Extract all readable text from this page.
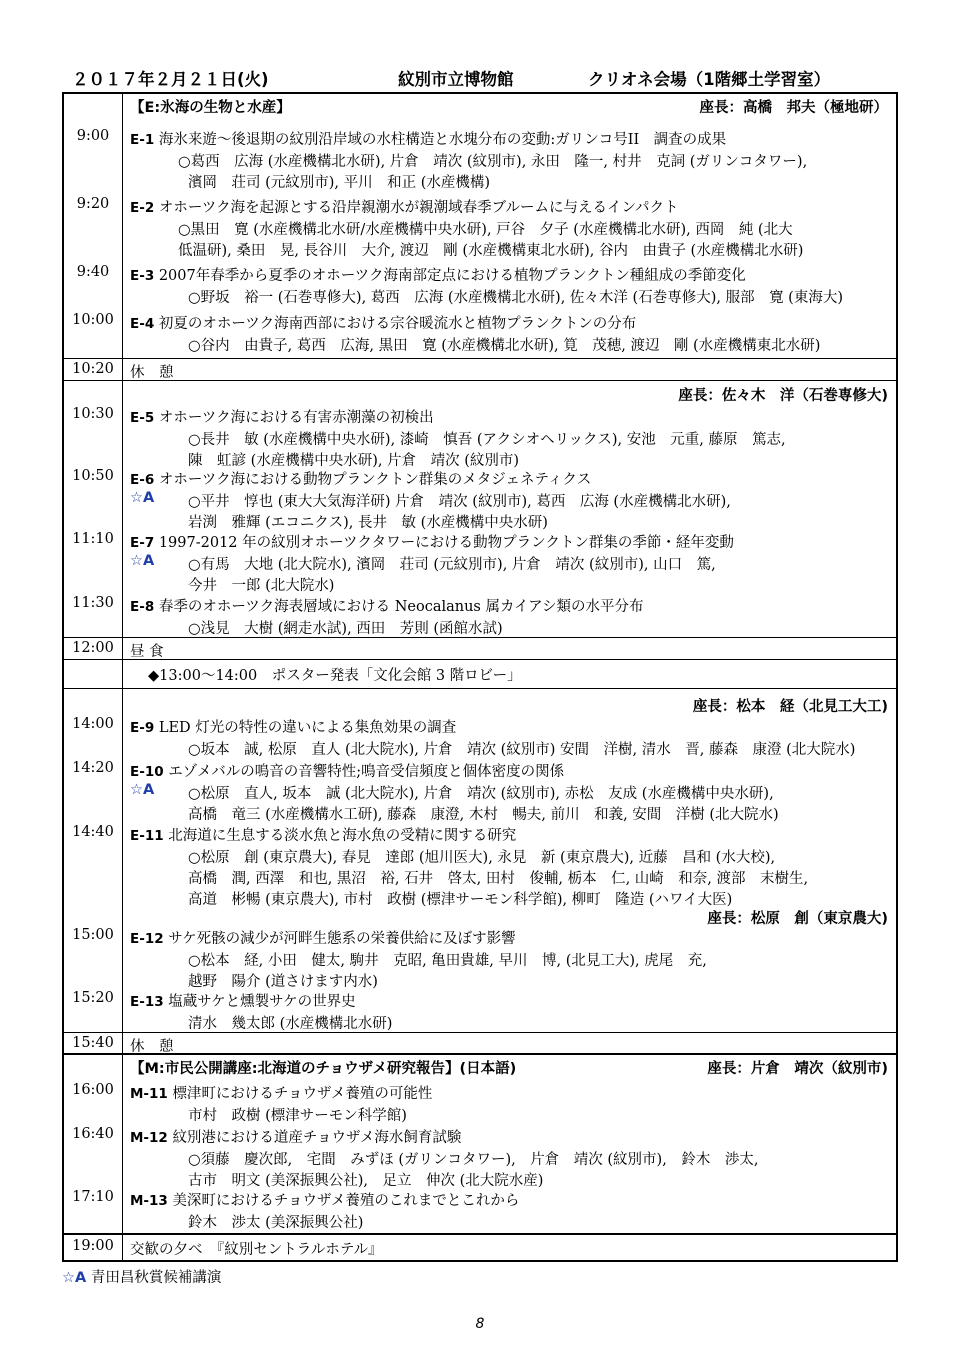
２０１７年２月２１日(火)	紋別市立博物館	クリオネ会場（1階郷土学習室）
【E:氷海の生物と水産】	座長：高橋　邦夫（極地研）
9:00	E-1 海氷来遊～後退期の紋別沿岸域の水柱構造と水塊分布の変動:ガリンコ号II　調査の成果
○葛西　広海 (水産機構北水研), 片倉　靖次 (紋別市), 永田　隆一, 村井　克詞 (ガリンコタワー),
濱岡　荘司 (元紋別市), 平川　和正 (水産機構)
9:20	E-2 オホーツク海を起源とする沿岸親潮水が親潮域春季ブルームに与えるインパクト
○黒田　寛 (水産機構北水研/水産機構中央水研), 戸谷　夕子 (水産機構北水研), 西岡　純 (北大
低温研), 桑田　晃, 長谷川　大介, 渡辺　剛 (水産機構東北水研), 谷内　由貴子 (水産機構北水研)
9:40	E-3 2007年春季から夏季のオホーツク海南部定点における植物プランクトン種組成の季節変化
○野坂　裕一 (石巻専修大), 葛西　広海 (水産機構北水研), 佐々木洋 (石巻専修大), 服部　寛 (東海大)
10:00	E-4 初夏のオホーツク海南西部における宗谷暖流水と植物プランクトンの分布
○谷内　由貴子, 葛西　広海, 黒田　寛 (水産機構北水研), 筧　茂穂, 渡辺　剛 (水産機構東北水研)
10:20	休　憩
座長：佐々木　洋（石巻専修大)
10:30	E-5 オホーツク海における有害赤潮藻の初検出
○長井　敏 (水産機構中央水研), 漆崎　慎吾 (アクシオヘリックス), 安池　元重, 藤原　篤志,
陳　虹諺 (水産機構中央水研), 片倉　靖次 (紋別市)
10:50	E-6 オホーツク海における動物プランクトン群集のメタジェネティクス
☆A ○平井　惇也 (東大大気海洋研) 片倉　靖次 (紋別市), 葛西　広海 (水産機構北水研),
岩渕　雅輝 (エコニクス), 長井　敏 (水産機構中央水研)
11:10	E-7 1997-2012 年の紋別オホーツクタワーにおける動物プランクトン群集の季節・経年変動
☆A ○有馬　大地 (北大院水), 濱岡　荘司 (元紋別市), 片倉　靖次 (紋別市), 山口　篤,
今井　一郎 (北大院水)
11:30	E-8 春季のオホーツク海表層域における Neocalanus 属カイアシ類の水平分布
○浅見　大樹 (網走水試), 西田　芳則 (函館水試)
12:00	昼 食
◆13:00～14:00　ポスター発表「文化会館 3 階ロビー」
座長：松本　経（北見工大工)
14:00	E-9 LED 灯光の特性の違いによる集魚効果の調査
○坂本　誠, 松原　直人 (北大院水), 片倉　靖次 (紋別市) 安間　洋樹, 清水　晋, 藤森　康澄 (北大院水)
14:20	E-10 エゾメバルの鳴音の音響特性;鳴音受信頻度と個体密度の関係
☆A ○松原　直人, 坂本　誠 (北大院水), 片倉　靖次 (紋別市), 赤松　友成 (水産機構中央水研),
高橋　竜三 (水産機構水工研), 藤森　康澄, 木村　暢夫, 前川　和義, 安間　洋樹 (北大院水)
14:40	E-11 北海道に生息する淡水魚と海水魚の受精に関する研究
○松原　創 (東京農大), 春見　達郎 (旭川医大), 永見　新 (東京農大), 近藤　昌和 (水大校),
高橋　潤, 西澤　和也, 黒沼　裕, 石井　啓太, 田村　俊輔, 栃本　仁, 山崎　和奈, 渡部　末樹生,
高道　彬暢 (東京農大), 市村　政樹 (標津サーモン科学館), 柳町　隆造 (ハワイ大医)
座長：松原　創（東京農大)
15:00	E-12 サケ死骸の減少が河畔生態系の栄養供給に及ぼす影響
○松本　経, 小田　健太, 駒井　克昭, 亀田貴雄, 早川　博, (北見工大), 虎尾　充,
越野　陽介 (道さけます内水)
15:20	E-13 塩蔵サケと燻製サケの世界史
清水　幾太郎 (水産機構北水研)
15:40	休　憩
【M:市民公開講座:北海道のチョウザメ研究報告】(日本語)	座長：片倉　靖次（紋別市)
16:00	M-11 標津町におけるチョウザメ養殖の可能性
市村　政樹 (標津サーモン科学館)
16:40	M-12 紋別港における道産チョウザメ海水飼育試験
○須藤　慶次郎,　宅間　みずほ (ガリンコタワー),　片倉　靖次 (紋別市),　鈴木　渉太,
古市　明文 (美深振興公社),　足立　伸次 (北大院水産)
17:10	M-13 美深町におけるチョウザメ養殖のこれまでとこれから
鈴木　渉太 (美深振興公社)
19:00	交歓の夕べ　『紋別セントラルホテル』
☆A 青田昌秋賞候補講演
8
